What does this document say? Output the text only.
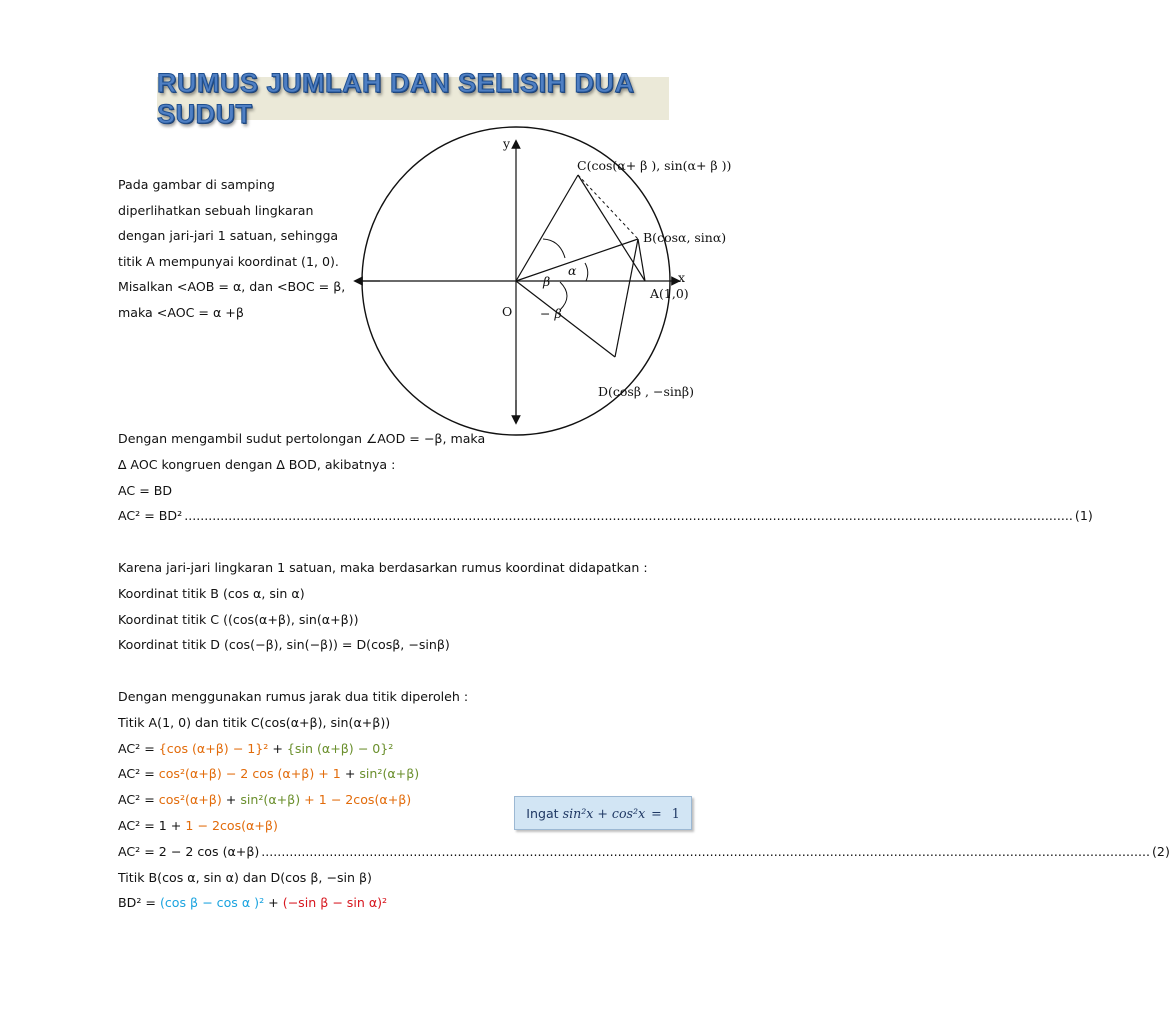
RUMUS JUMLAH DAN SELISIH DUA SUDUT
Pada gambar di samping
diperlihatkan sebuah lingkaran
dengan jari-jari 1 satuan, sehingga
titik A mempunyai koordinat (1, 0).
Misalkan <AOB = α, dan <BOC = β,
maka <AOC = α +β
y
x
O
C(cos(α+ β ), sin(α+ β ))
B(cosα, sinα)
A(1,0)
D(cosβ , −sinβ)
β
α
− β
Dengan mengambil sudut pertolongan ∠AOD = −β, maka
∆ AOC kongruen dengan ∆ BOD, akibatnya :
AC = BD
AC² = BD² .............................................................................................................................................................................................................................. (1)
Karena jari-jari lingkaran 1 satuan, maka berdasarkan rumus koordinat didapatkan :
Koordinat titik B (cos α, sin α)
Koordinat titik C ((cos(α+β), sin(α+β))
Koordinat titik D (cos(−β), sin(−β)) = D(cosβ, −sinβ)
Dengan menggunakan rumus jarak dua titik diperoleh :
Titik A(1, 0) dan titik C(cos(α+β), sin(α+β))
AC² = {cos (α+β) − 1}² + {sin (α+β) − 0}²
AC² = cos²(α+β) − 2 cos (α+β) + 1 + sin²(α+β)
AC² = cos²(α+β) + sin²(α+β) + 1 − 2cos(α+β)
AC² = 1 + 1 − 2cos(α+β)
AC² = 2 − 2 cos (α+β) .............................................................................................................................................................................................................................. (2)
Titik B(cos α, sin α) dan D(cos β, −sin β)
BD² = (cos β − cos α )² + (−sin β − sin α)²
Ingat sin²x + cos²x = 1
